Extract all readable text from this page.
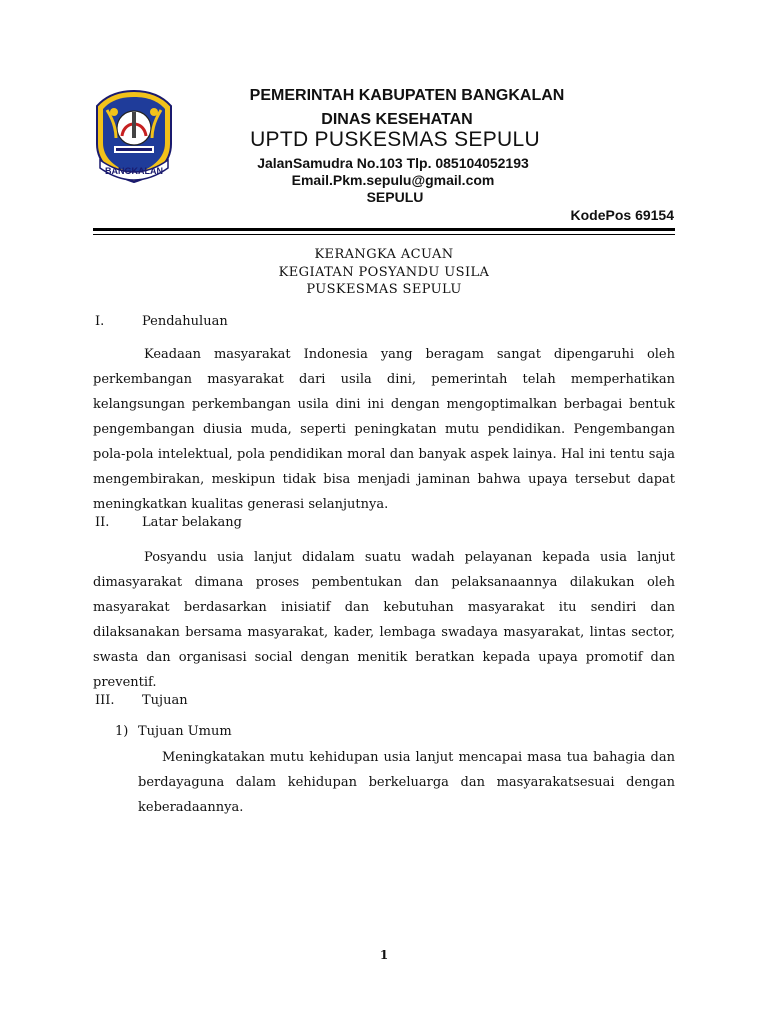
BANGKALAN
PEMERINTAH KABUPATEN BANGKALAN
DINAS KESEHATAN
UPTD PUSKESMAS SEPULU
JalanSamudra No.103 Tlp. 085104052193
Email.Pkm.sepulu@gmail.com
SEPULU
KodePos 69154
KERANGKA ACUAN
KEGIATAN POSYANDU USILA
PUSKESMAS SEPULU
I.	Pendahuluan
Keadaan masyarakat Indonesia yang beragam sangat dipengaruhi oleh perkembangan masyarakat dari usila dini, pemerintah telah memperhatikan kelangsungan perkembangan usila dini ini dengan mengoptimalkan berbagai bentuk pengembangan diusia muda, seperti peningkatan mutu pendidikan. Pengembangan pola-pola intelektual, pola pendidikan moral dan banyak aspek lainya. Hal ini tentu saja mengembirakan, meskipun tidak bisa menjadi jaminan bahwa upaya tersebut dapat meningkatkan kualitas generasi selanjutnya.
II.	Latar belakang
Posyandu usia lanjut didalam suatu wadah pelayanan kepada usia lanjut dimasyarakat dimana proses pembentukan dan pelaksanaannya dilakukan oleh masyarakat berdasarkan inisiatif dan kebutuhan masyarakat itu sendiri dan dilaksanakan bersama masyarakat, kader, lembaga swadaya masyarakat, lintas sector, swasta dan organisasi social dengan menitik beratkan kepada upaya promotif dan preventif.
III. Tujuan
1) Tujuan Umum
Meningkatakan mutu kehidupan usia lanjut mencapai masa tua bahagia dan berdayaguna dalam kehidupan berkeluarga dan masyarakatsesuai dengan keberadaannya.
1
